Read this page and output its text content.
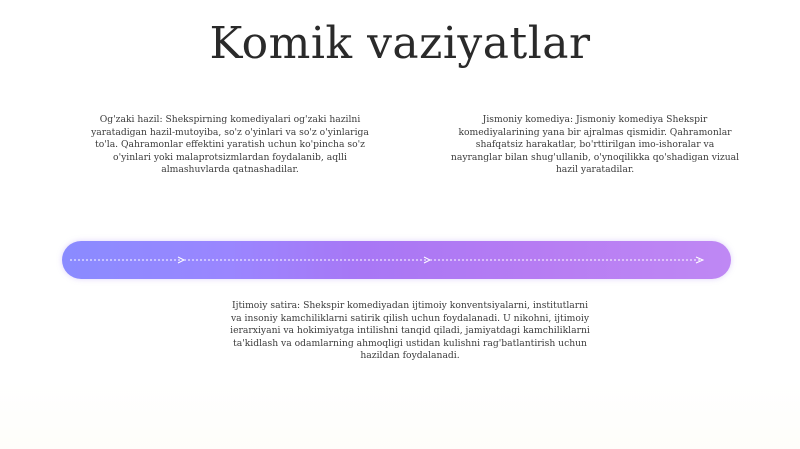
Komik vaziyatlar
Og'zaki hazil: Shekspirning komediyalari og'zaki hazilni yaratadigan hazil-mutoyiba, so'z o'yinlari va so'z o'yinlariga to'la. Qahramonlar effektini yaratish uchun ko'pincha so'z o'yinlari yoki malaprotsizmlardan foydalanib, aqlli almashuvlarda qatnashadilar.
Jismoniy komediya: Jismoniy komediya Shekspir komediyalarining yana bir ajralmas qismidir. Qahramonlar shafqatsiz harakatlar, bo'rttirilgan imo-ishoralar va nayranglar bilan shug'ullanib, o'ynoqilikka qo'shadigan vizual hazil yaratadilar.
Ijtimoiy satira: Shekspir komediyadan ijtimoiy konventsiyalarni, institutlarni va insoniy kamchiliklarni satirik qilish uchun foydalanadi. U nikohni, ijtimoiy ierarxiyani va hokimiyatga intilishni tanqid qiladi, jamiyatdagi kamchiliklarni ta'kidlash va odamlarning ahmoqligi ustidan kulishni rag'batlantirish uchun hazildan foydalanadi.
